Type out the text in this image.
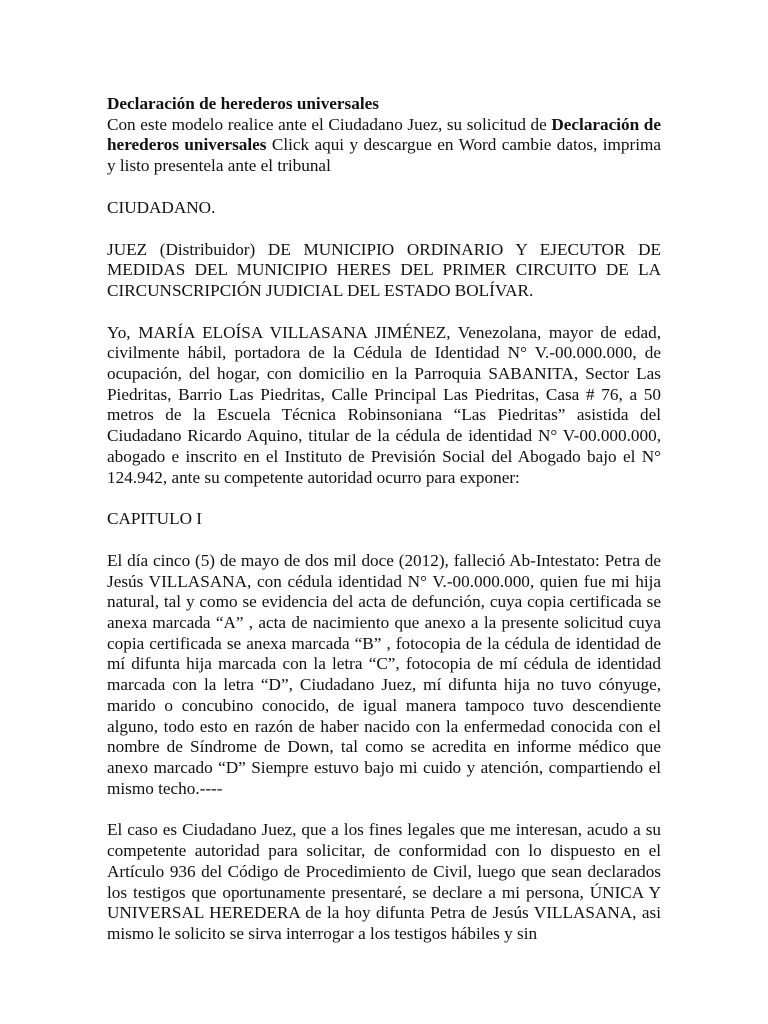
Declaración de herederos universales

Con este modelo realice ante el Ciudadano Juez, su solicitud de Declaración de herederos universales Click aqui y descargue en Word cambie datos, imprima y listo presentela ante el tribunal

CIUDADANO.

JUEZ (Distribuidor) DE MUNICIPIO ORDINARIO Y EJECUTOR DE MEDIDAS DEL MUNICIPIO HERES DEL PRIMER CIRCUITO DE LA CIRCUNSCRIPCIÓN JUDICIAL DEL ESTADO BOLÍVAR.

Yo, MARÍA ELOÍSA VILLASANA JIMÉNEZ, Venezolana, mayor de edad, civilmente hábil, portadora de la Cédula de Identidad N° V.-00.000.000, de ocupación, del hogar, con domicilio en la Parroquia SABANITA, Sector Las Piedritas, Barrio Las Piedritas, Calle Principal Las Piedritas, Casa # 76, a 50 metros de la Escuela Técnica Robinsoniana “Las Piedritas” asistida del Ciudadano Ricardo Aquino, titular de la cédula de identidad N° V-00.000.000, abogado e inscrito en el Instituto de Previsión Social del Abogado bajo el N° 124.942, ante su competente autoridad ocurro para exponer:

CAPITULO I

El día cinco (5) de mayo de dos mil doce (2012), falleció Ab-Intestato: Petra de Jesús VILLASANA, con cédula identidad N° V.-00.000.000, quien fue mi hija natural, tal y como se evidencia del acta de defunción, cuya copia certificada se anexa marcada “A” , acta de nacimiento que anexo a la presente solicitud cuya copia certificada se anexa marcada “B” , fotocopia de la cédula de identidad de mí difunta hija marcada con la letra “C”, fotocopia de mí cédula de identidad marcada con la letra “D”, Ciudadano Juez, mí difunta hija no tuvo cónyuge, marido o concubino conocido, de igual manera tampoco tuvo descendiente alguno, todo esto en razón de haber nacido con la enfermedad conocida con el nombre de Síndrome de Down, tal como se acredita en informe médico que anexo marcado “D” Siempre estuvo bajo mi cuido y atención, compartiendo el mismo techo.----

El caso es Ciudadano Juez, que a los fines legales que me interesan, acudo a su competente autoridad para solicitar, de conformidad con lo dispuesto en el Artículo 936 del Código de Procedimiento de Civil, luego que sean declarados los testigos que oportunamente presentaré, se declare a mi persona, ÚNICA Y UNIVERSAL HEREDERA de la hoy difunta Petra de Jesús VILLASANA, asi mismo le solicito se sirva interrogar a los testigos hábiles y sin
